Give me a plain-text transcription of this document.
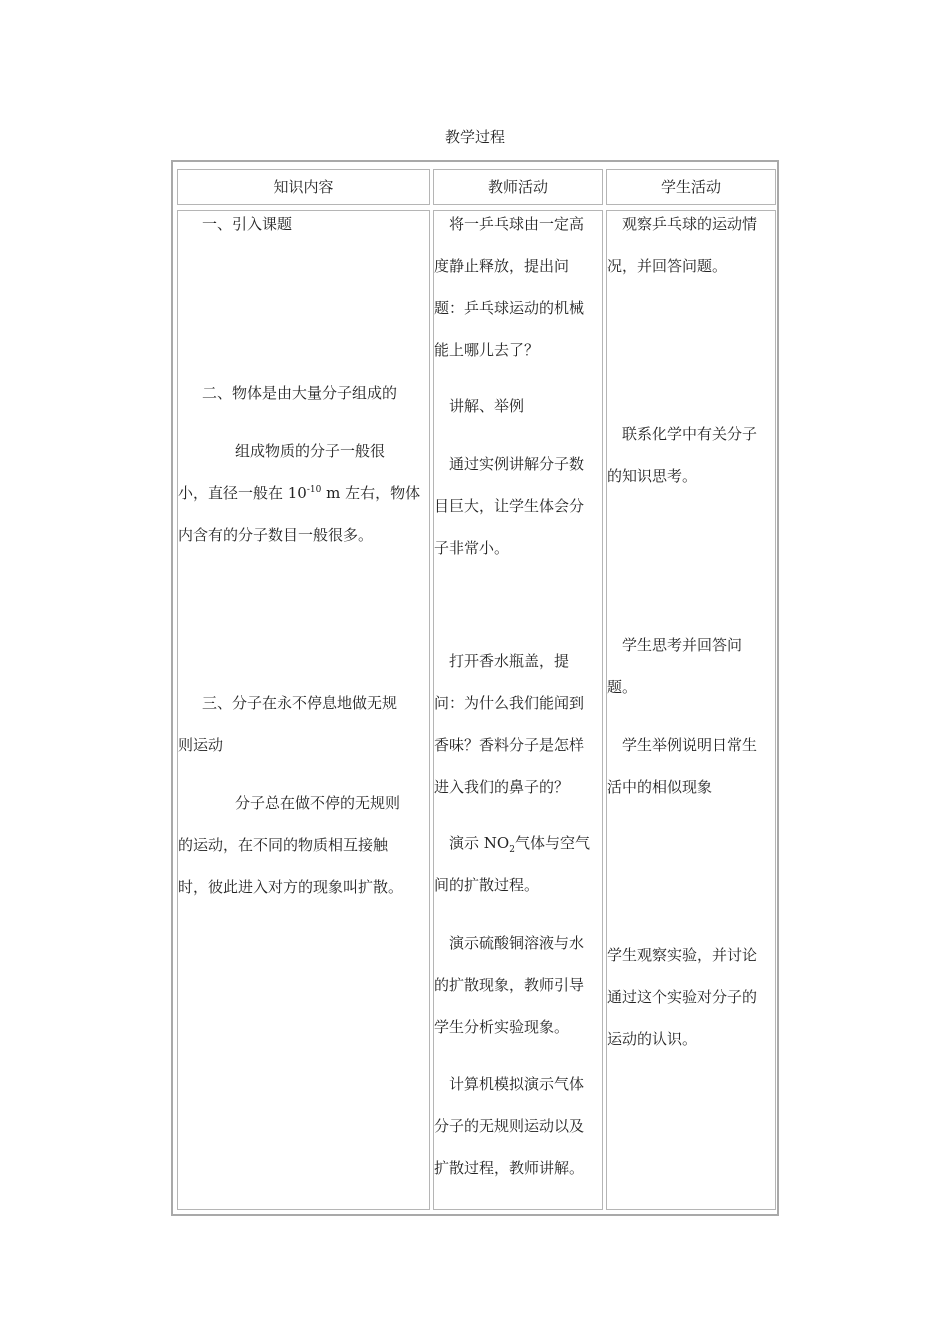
教学过程
知识内容	教师活动	学生活动

一、引入课题

二、物体是由大量分子组成的

组成物质的分子一般很

小，直径一般在 $10^{-10}$ m 左右，物体

内含有的分子数目一般很多。

三、分子在永不停息地做无规

则运动

分子总在做不停的无规则

的运动，在不同的物质相互接触

时，彼此进入对方的现象叫扩散。

将一乒乓球由一定高

度静止释放，提出问

题：乒乓球运动的机械

能上哪儿去了？

讲解、举例

通过实例讲解分子数

目巨大，让学生体会分

子非常小。

打开香水瓶盖，提

问：为什么我们能闻到

香味？香料分子是怎样

进入我们的鼻子的？

演示 $NO_2$气体与空气

间的扩散过程。

演示硫酸铜溶液与水

的扩散现象，教师引导

学生分析实验现象。

计算机模拟演示气体

分子的无规则运动以及

扩散过程，教师讲解。

观察乒乓球的运动情

况，并回答问题。

联系化学中有关分子

的知识思考。

学生思考并回答问

题。

学生举例说明日常生

活中的相似现象

学生观察实验，并讨论

通过这个实验对分子的

运动的认识。
